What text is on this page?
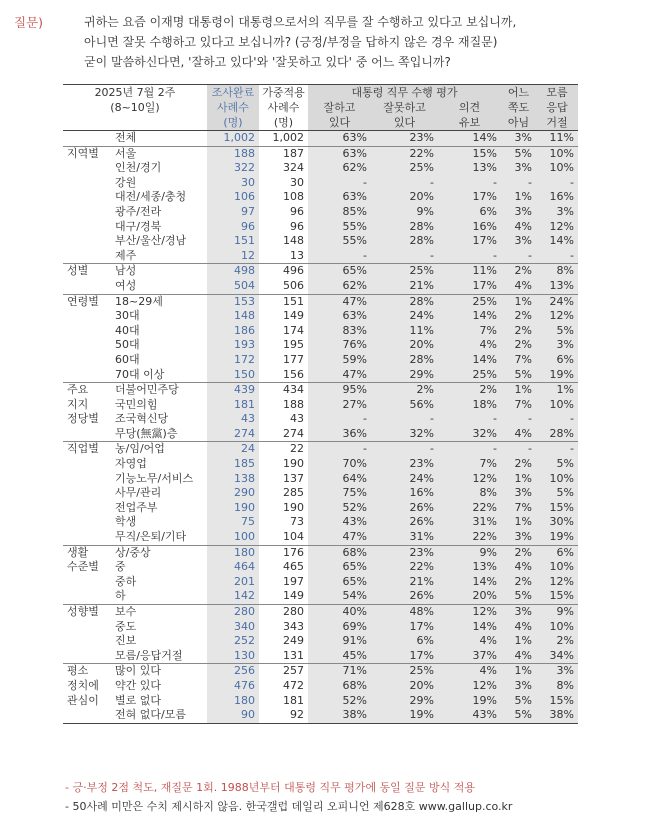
질문)	귀하는 요즘 이재명 대통령이 대통령으로서의 직무를 잘 수행하고 있다고 보십니까,
아니면 잘못 수행하고 있다고 보십니까? (긍정/부정을 답하지 않은 경우 재질문)
굳이 말씀하신다면, '잘하고 있다'와 '잘못하고 있다' 중 어느 쪽입니까?
2025년 7월 2주
(8~10일)		조사완료	가중적용	대통령 직무 수행 평가			어느	모름
		사례수	사례수	잘하고	잘못하고	의견	쪽도	응답
		(명)	(명)	있다	있다	유보	아님	거절
	전체	1,002	1,002	63%	23%	14%	3%	11%
지역별	서울	188	187	63%	22%	15%	5%	10%
	인천/경기	322	324	62%	25%	13%	3%	10%
	강원	30	30	-	-	-	-	-
	대전/세종/충청	106	108	63%	20%	17%	1%	16%
	광주/전라	97	96	85%	9%	6%	3%	3%
	대구/경북	96	96	55%	28%	16%	4%	12%
	부산/울산/경남	151	148	55%	28%	17%	3%	14%
	제주	12	13	-	-	-	-	-
성별	남성	498	496	65%	25%	11%	2%	8%
	여성	504	506	62%	21%	17%	4%	13%
연령별	18~29세	153	151	47%	28%	25%	1%	24%
	30대	148	149	63%	24%	14%	2%	12%
	40대	186	174	83%	11%	7%	2%	5%
	50대	193	195	76%	20%	4%	2%	3%
	60대	172	177	59%	28%	14%	7%	6%
	70대 이상	150	156	47%	29%	25%	5%	19%
주요	더불어민주당	439	434	95%	2%	2%	1%	1%
지지	국민의힘	181	188	27%	56%	18%	7%	10%
정당별	조국혁신당	43	43	-	-	-	-	-
	무당(無黨)층	274	274	36%	32%	32%	4%	28%
직업별	농/임/어업	24	22	-	-	-	-	-
	자영업	185	190	70%	23%	7%	2%	5%
	기능노무/서비스	138	137	64%	24%	12%	1%	10%
	사무/관리	290	285	75%	16%	8%	3%	5%
	전업주부	190	190	52%	26%	22%	7%	15%
	학생	75	73	43%	26%	31%	1%	30%
	무직/은퇴/기타	100	104	47%	31%	22%	3%	19%
생활	상/중상	180	176	68%	23%	9%	2%	6%
수준별	중	464	465	65%	22%	13%	4%	10%
	중하	201	197	65%	21%	14%	2%	12%
	하	142	149	54%	26%	20%	5%	15%
성향별	보수	280	280	40%	48%	12%	3%	9%
	중도	340	343	69%	17%	14%	4%	10%
	진보	252	249	91%	6%	4%	1%	2%
	모름/응답거절	130	131	45%	17%	37%	4%	34%
평소	많이 있다	256	257	71%	25%	4%	1%	3%
정치에	약간 있다	476	472	68%	20%	12%	3%	8%
관심이	별로 없다	180	181	52%	29%	19%	5%	15%
	전혀 없다/모름	90	92	38%	19%	43%	5%	38%
- 긍·부정 2점 척도, 재질문 1회. 1988년부터 대통령 직무 평가에 동일 질문 방식 적용
- 50사례 미만은 수치 제시하지 않음. 한국갤럽 데일리 오피니언 제628호 www.gallup.co.kr
